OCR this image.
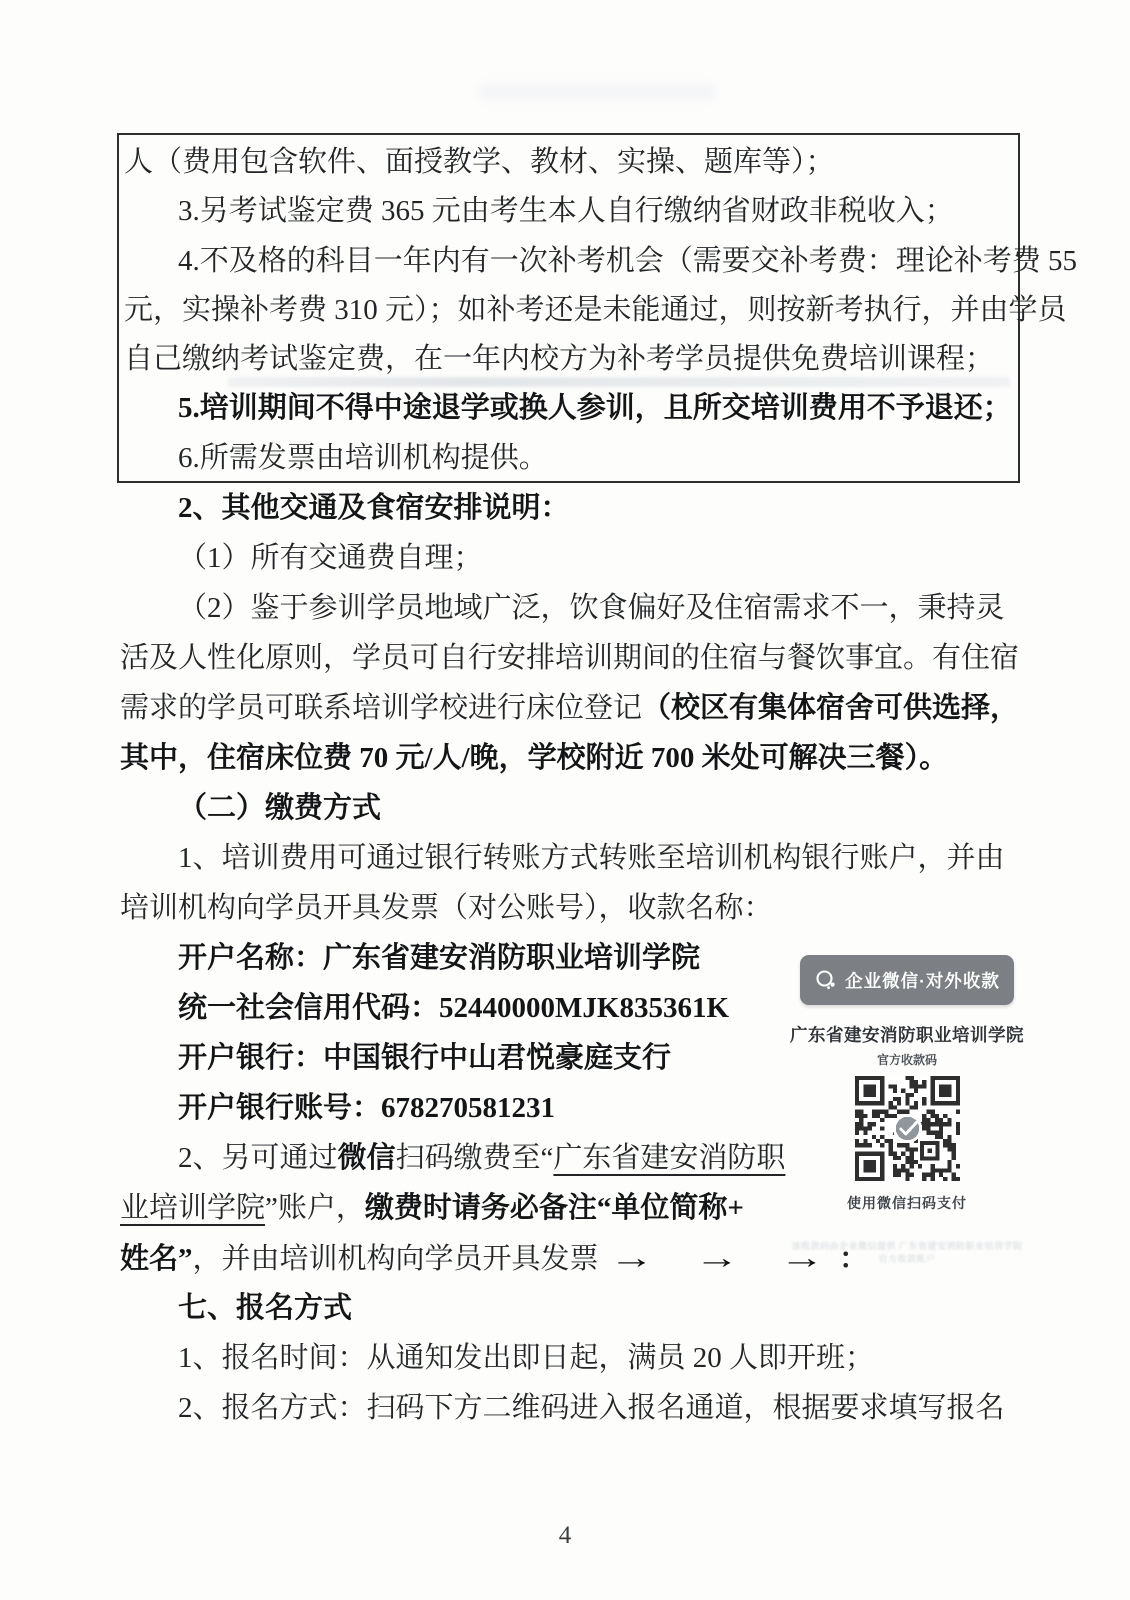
人（费用包含软件、面授教学、教材、实操、题库等）；
3.另考试鉴定费 365 元由考生本人自行缴纳省财政非税收入；
4.不及格的科目一年内有一次补考机会（需要交补考费：理论补考费 55
元，实操补考费 310 元）；如补考还是未能通过，则按新考执行，并由学员
自己缴纳考试鉴定费，在一年内校方为补考学员提供免费培训课程；
5.培训期间不得中途退学或换人参训，且所交培训费用不予退还；
6.所需发票由培训机构提供。
2、其他交通及食宿安排说明：
（1）所有交通费自理；
（2）鉴于参训学员地域广泛，饮食偏好及住宿需求不一，秉持灵
活及人性化原则，学员可自行安排培训期间的住宿与餐饮事宜。有住宿
需求的学员可联系培训学校进行床位登记（校区有集体宿舍可供选择，
其中，住宿床位费 70 元/人/晚，学校附近 700 米处可解决三餐）。
（二）缴费方式
1、培训费用可通过银行转账方式转账至培训机构银行账户，并由
培训机构向学员开具发票（对公账号），收款名称：
开户名称：广东省建安消防职业培训学院
统一社会信用代码：52440000MJK835361K
开户银行：中国银行中山君悦豪庭支行
开户银行账号：678270581231
2、另可通过微信扫码缴费至“广东省建安消防职
业培训学院”账户，缴费时请务必备注“单位简称+
姓名”，并由培训机构向学员开具发票 → → →：
七、报名方式
1、报名时间：从通知发出即日起，满员 20 人即开班；
2、报名方式：扫码下方二维码进入报名通道，根据要求填写报名
企业微信·对外收款
广东省建安消防职业培训学院
官方收款码
使用微信扫码支付
该收款码由企业微信提供 广东省建安消防职业培训学院 官方收款账户
4
